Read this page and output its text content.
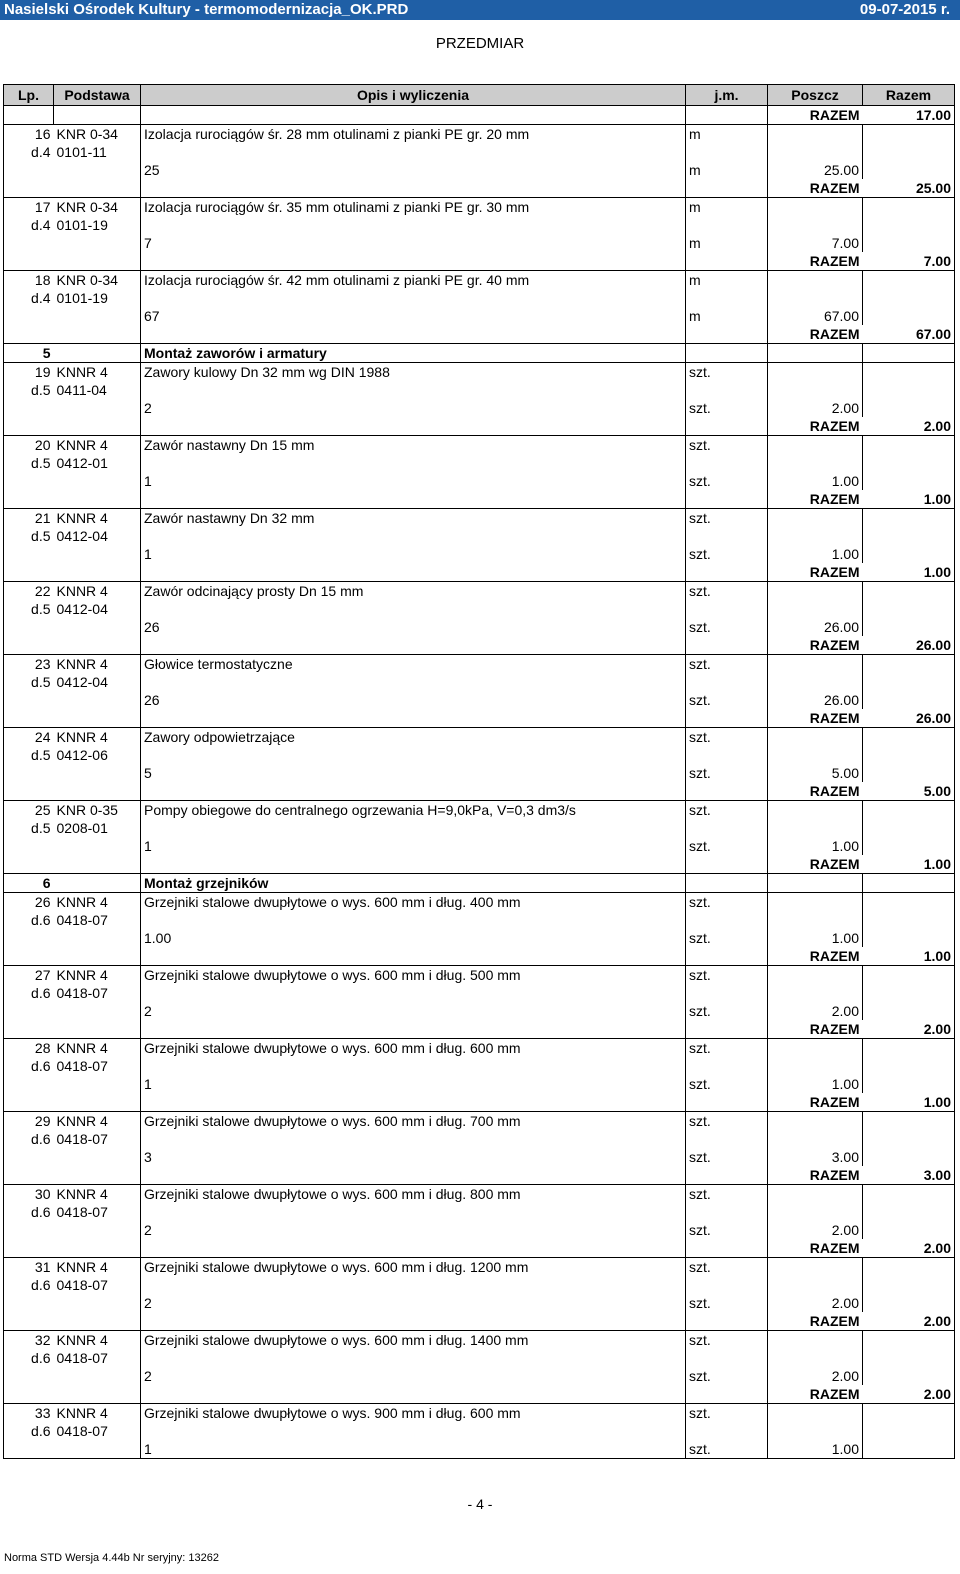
Nasielski Ośrodek Kultury - termomodernizacja_OK.PRD	09-07-2015 r.
PRZEDMIAR
Lp.	Podstawa	Opis i wyliczenia	j.m.	Poszcz	Razem
				RAZEM	17.00
16	KNR 0-34	Izolacja rurociągów śr. 28 mm otulinami z pianki PE gr. 20 mm	m		
d.4	0101-11				
		25	m	25.00	
				RAZEM	25.00
17	KNR 0-34	Izolacja rurociągów śr. 35 mm otulinami z pianki PE gr. 30 mm	m		
d.4	0101-19				
		7	m	7.00	
				RAZEM	7.00
18	KNR 0-34	Izolacja rurociągów śr. 42 mm otulinami z pianki PE gr. 40 mm	m		
d.4	0101-19				
		67	m	67.00	
				RAZEM	67.00
5		Montaż zaworów i armatury			
19	KNNR 4	Zawory kulowy Dn 32 mm wg DIN 1988	szt.		
d.5	0411-04				
		2	szt.	2.00	
				RAZEM	2.00
20	KNNR 4	Zawór nastawny Dn 15 mm	szt.		
d.5	0412-01				
		1	szt.	1.00	
				RAZEM	1.00
21	KNNR 4	Zawór nastawny Dn 32 mm	szt.		
d.5	0412-04				
		1	szt.	1.00	
				RAZEM	1.00
22	KNNR 4	Zawór odcinający prosty Dn 15 mm	szt.		
d.5	0412-04				
		26	szt.	26.00	
				RAZEM	26.00
23	KNNR 4	Głowice termostatyczne	szt.		
d.5	0412-04				
		26	szt.	26.00	
				RAZEM	26.00
24	KNNR 4	Zawory odpowietrzające	szt.		
d.5	0412-06				
		5	szt.	5.00	
				RAZEM	5.00
25	KNR 0-35	Pompy obiegowe do centralnego ogrzewania H=9,0kPa, V=0,3 dm3/s	szt.		
d.5	0208-01				
		1	szt.	1.00	
				RAZEM	1.00
6		Montaż grzejników			
26	KNNR 4	Grzejniki stalowe dwupłytowe o wys. 600 mm i dług. 400 mm	szt.		
d.6	0418-07				
		1.00	szt.	1.00	
				RAZEM	1.00
27	KNNR 4	Grzejniki stalowe dwupłytowe o wys. 600 mm i dług. 500 mm	szt.		
d.6	0418-07				
		2	szt.	2.00	
				RAZEM	2.00
28	KNNR 4	Grzejniki stalowe dwupłytowe o wys. 600 mm i dług. 600 mm	szt.		
d.6	0418-07				
		1	szt.	1.00	
				RAZEM	1.00
29	KNNR 4	Grzejniki stalowe dwupłytowe o wys. 600 mm i dług. 700 mm	szt.		
d.6	0418-07				
		3	szt.	3.00	
				RAZEM	3.00
30	KNNR 4	Grzejniki stalowe dwupłytowe o wys. 600 mm i dług. 800 mm	szt.		
d.6	0418-07				
		2	szt.	2.00	
				RAZEM	2.00
31	KNNR 4	Grzejniki stalowe dwupłytowe o wys. 600 mm i dług. 1200 mm	szt.		
d.6	0418-07				
		2	szt.	2.00	
				RAZEM	2.00
32	KNNR 4	Grzejniki stalowe dwupłytowe o wys. 600 mm i dług. 1400 mm	szt.		
d.6	0418-07				
		2	szt.	2.00	
				RAZEM	2.00
33	KNNR 4	Grzejniki stalowe dwupłytowe o wys. 900 mm i dług. 600 mm	szt.		
d.6	0418-07				
		1	szt.	1.00	
- 4 -
Norma STD Wersja 4.44b Nr seryjny: 13262
